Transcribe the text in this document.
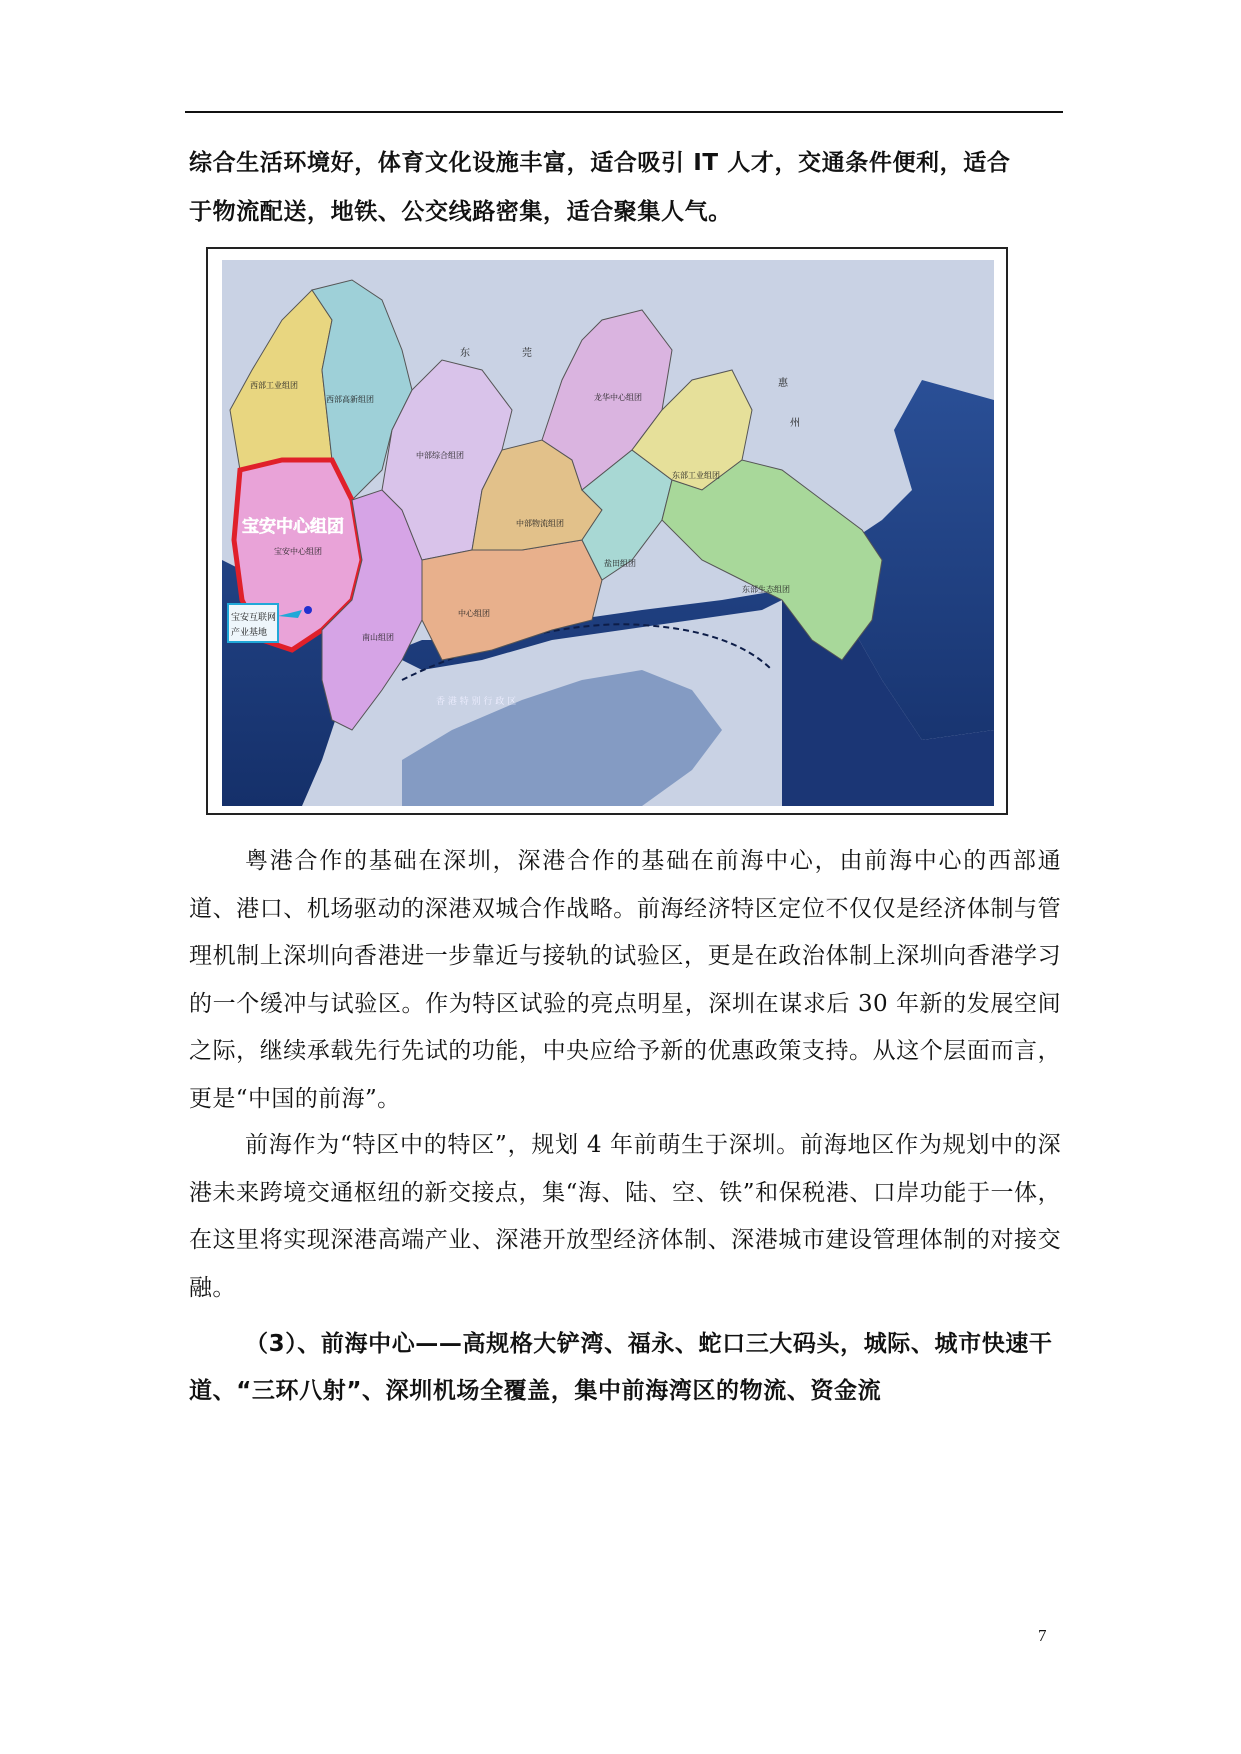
综合生活环境好，体育文化设施丰富，适合吸引 IT 人才，交通条件便利，适合
于物流配送，地铁、公交线路密集，适合聚集人气。
东	莞
惠
州
香 港 特 别 行 政 区
西部工业组团
西部高新组团	龙华中心组团
中部综合组团
东部工业组团
中部物流组团
宝安中心组团
宝安中心组团
盐田组团
东部生态组团
南山组团
中心组团
宝安互联网
产业基地
粤港合作的基础在深圳，深港合作的基础在前海中心，由前海中心的西部通道、港口、机场驱动的深港双城合作战略。前海经济特区定位不仅仅是经济体制与管理机制上深圳向香港进一步靠近与接轨的试验区，更是在政治体制上深圳向香港学习的一个缓冲与试验区。作为特区试验的亮点明星，深圳在谋求后 30 年新的发展空间之际，继续承载先行先试的功能，中央应给予新的优惠政策支持。从这个层面而言，更是“中国的前海”。
前海作为“特区中的特区”，规划 4 年前萌生于深圳。前海地区作为规划中的深港未来跨境交通枢纽的新交接点，集“海、陆、空、铁”和保税港、口岸功能于一体，在这里将实现深港高端产业、深港开放型经济体制、深港城市建设管理体制的对接交融。
（3）、前海中心——高规格大铲湾、福永、蛇口三大码头，城际、城市快速干道、“三环八射”、深圳机场全覆盖，集中前海湾区的物流、资金流
7
